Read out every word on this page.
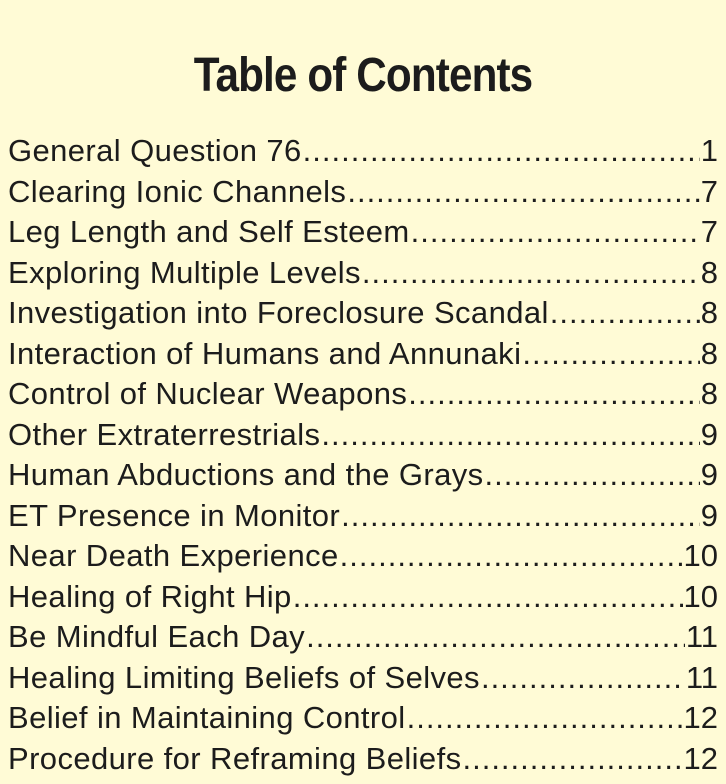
Table of Contents
General Question 76 .....	1
Clearing Ionic Channels .....	7
Leg Length and Self Esteem .....	7
Exploring Multiple Levels .....	8
Investigation into Foreclosure Scandal .....	8
Interaction of Humans and Annunaki .....	8
Control of Nuclear Weapons .....	8
Other Extraterrestrials .....	9
Human Abductions and the Grays .....	9
ET Presence in Monitor .....	9
Near Death Experience .....	10
Healing of Right Hip .....	10
Be Mindful Each Day .....	11
Healing Limiting Beliefs of Selves .....	11
Belief in Maintaining Control .....	12
Procedure for Reframing Beliefs .....	12
